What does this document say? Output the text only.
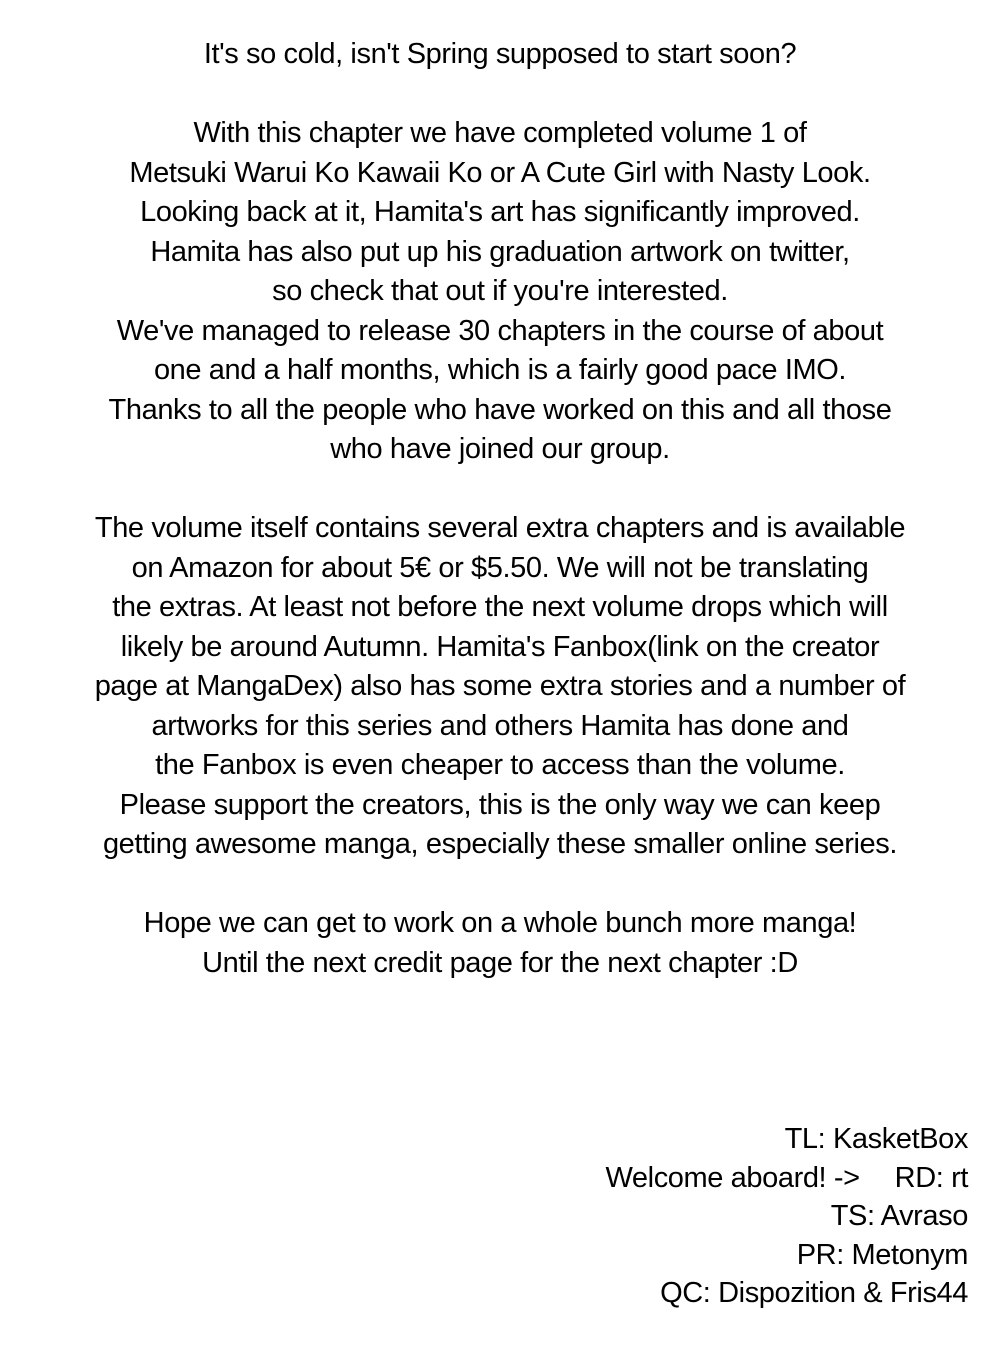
It's so cold, isn't Spring supposed to start soon?
With this chapter we have completed volume 1 of
Metsuki Warui Ko Kawaii Ko or A Cute Girl with Nasty Look.
Looking back at it, Hamita's art has significantly improved.
Hamita has also put up his graduation artwork on twitter,
so check that out if you're interested.
We've managed to release 30 chapters in the course of about
one and a half months, which is a fairly good pace IMO.
Thanks to all the people who have worked on this and all those
who have joined our group.
The volume itself contains several extra chapters and is available
on Amazon for about 5€ or $5.50. We will not be translating
the extras. At least not before the next volume drops which will
likely be around Autumn. Hamita's Fanbox(link on the creator
page at MangaDex) also has some extra stories and a number of
artworks for this series and others Hamita has done and
the Fanbox is even cheaper to access than the volume.
Please support the creators, this is the only way we can keep
getting awesome manga, especially these smaller online series.
Hope we can get to work on a whole bunch more manga!
Until the next credit page for the next chapter :D
TL: KasketBox
Welcome aboard! -> RD: rt
TS: Avraso
PR: Metonym
QC: Dispozition & Fris44
